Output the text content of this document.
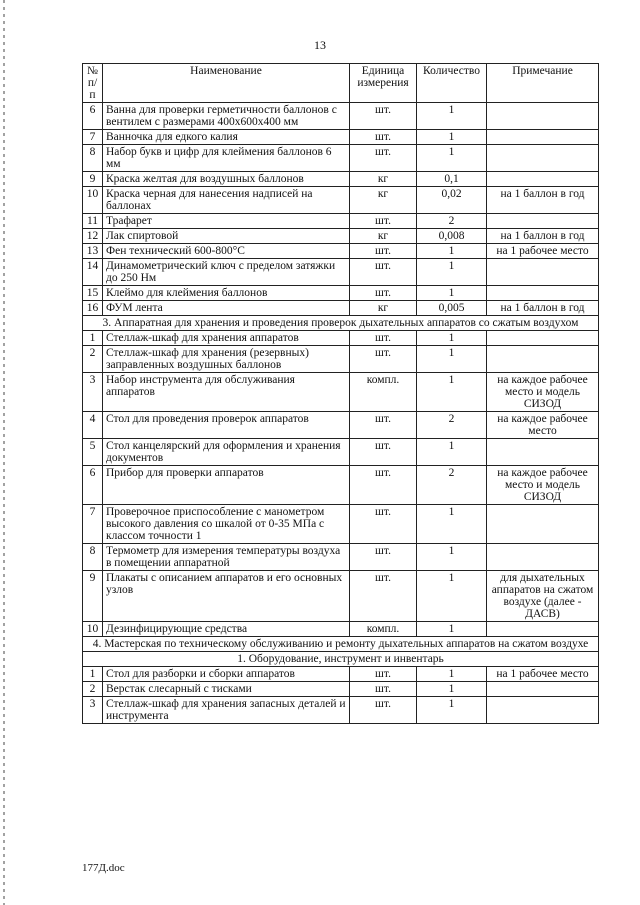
13
№ п/п	Наименование	Единица измерения	Количество	Примечание
6	Ванна для проверки герметичности баллонов с вентилем с размерами 400х600х400 мм	шт.	1	
7	Ванночка для едкого калия	шт.	1	
8	Набор букв и цифр для клеймения баллонов 6 мм	шт.	1	
9	Краска желтая для воздушных баллонов	кг	0,1	
10	Краска черная для нанесения надписей на баллонах	кг	0,02	на 1 баллон в год
11	Трафарет	шт.	2	
12	Лак спиртовой	кг	0,008	на 1 баллон в год
13	Фен технический 600-800°С	шт.	1	на 1 рабочее место
14	Динамометрический ключ с пределом затяжки до 250 Нм	шт.	1	
15	Клеймо для клеймения баллонов	шт.	1	
16	ФУМ лента	кг	0,005	на 1 баллон в год
3. Аппаратная для хранения и проведения проверок дыхательных аппаратов со сжатым воздухом				
1	Стеллаж-шкаф для хранения аппаратов	шт.	1	
2	Стеллаж-шкаф для хранения (резервных) заправленных воздушных баллонов	шт.	1	
3	Набор инструмента для обслуживания аппаратов	компл.	1	на каждое рабочее место и модель СИЗОД
4	Стол для проведения проверок аппаратов	шт.	2	на каждое рабочее место
5	Стол канцелярский для оформления и хранения документов	шт.	1	
6	Прибор для проверки аппаратов	шт.	2	на каждое рабочее место и модель СИЗОД
7	Проверочное приспособление с манометром высокого давления со шкалой от 0-35 МПа с классом точности 1	шт.	1	
8	Термометр для измерения температуры воздуха в помещении аппаратной	шт.	1	
9	Плакаты с описанием аппаратов и его основных узлов	шт.	1	для дыхательных аппаратов на сжатом воздухе (далее - ДАСВ)
10	Дезинфицирующие средства	компл.	1	
4. Мастерская по техническому обслуживанию и ремонту дыхательных аппаратов на сжатом воздухе				
1. Оборудование, инструмент и инвентарь				
1	Стол для разборки и сборки аппаратов	шт.	1	на 1 рабочее место
2	Верстак слесарный с тисками	шт.	1	
3	Стеллаж-шкаф для хранения запасных деталей и инструмента	шт.	1	
177Д.doc
